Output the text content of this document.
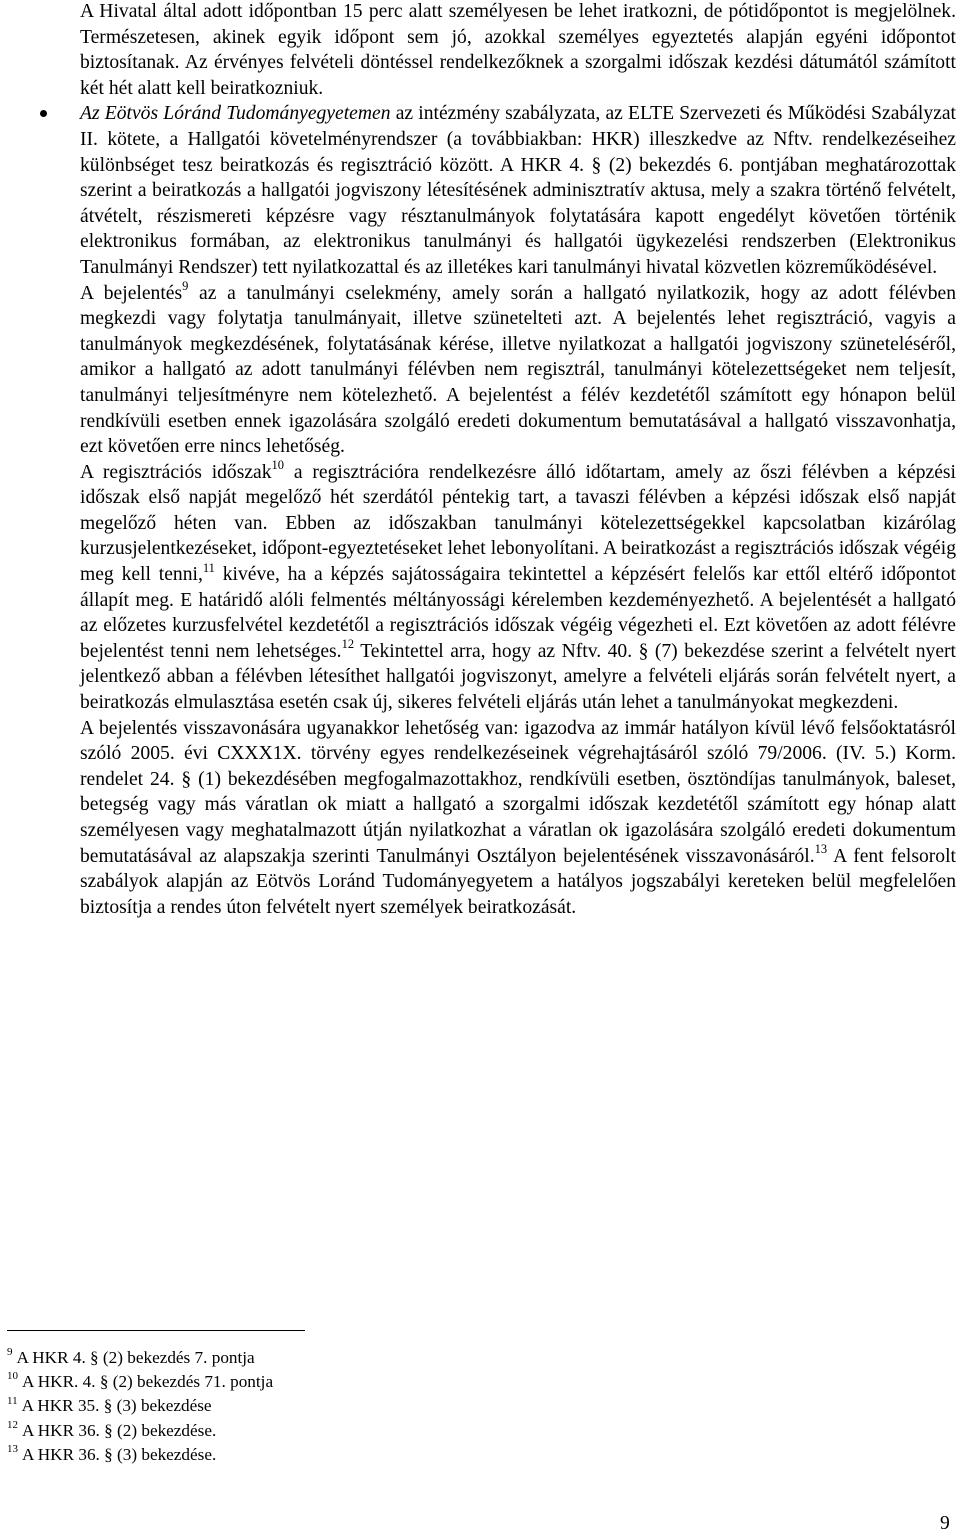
A Hivatal által adott időpontban 15 perc alatt személyesen be lehet iratkozni, de pótidőpontot is megjelölnek. Természetesen, akinek egyik időpont sem jó, azokkal személyes egyeztetés alapján egyéni időpontot biztosítanak. Az érvényes felvételi döntéssel rendelkezőknek a szorgalmi időszak kezdési dátumától számított két hét alatt kell beiratkozniuk.

Az Eötvös Lóránd Tudományegyetemen az intézmény szabályzata, az ELTE Szervezeti és Működési Szabályzat II. kötete, a Hallgatói követelményrendszer (a továbbiakban: HKR) illeszkedve az Nftv. rendelkezéseihez különbséget tesz beiratkozás és regisztráció között. A HKR 4. § (2) bekezdés 6. pontjában meghatározottak szerint a beiratkozás a hallgatói jogviszony létesítésének adminisztratív aktusa, mely a szakra történő felvételt, átvételt, részismereti képzésre vagy résztanulmányok folytatására kapott engedélyt követően történik elektronikus formában, az elektronikus tanulmányi és hallgatói ügykezelési rendszerben (Elektronikus Tanulmányi Rendszer) tett nyilatkozattal és az illetékes kari tanulmányi hivatal közvetlen közreműködésével.

A bejelentés$^9$ az a tanulmányi cselekmény, amely során a hallgató nyilatkozik, hogy az adott félévben megkezdi vagy folytatja tanulmányait, illetve szünetelteti azt. A bejelentés lehet regisztráció, vagyis a tanulmányok megkezdésének, folytatásának kérése, illetve nyilatkozat a hallgatói jogviszony szüneteléséről, amikor a hallgató az adott tanulmányi félévben nem regisztrál, tanulmányi kötelezettségeket nem teljesít, tanulmányi teljesítményre nem kötelezhető. A bejelentést a félév kezdetétől számított egy hónapon belül rendkívüli esetben ennek igazolására szolgáló eredeti dokumentum bemutatásával a hallgató visszavonhatja, ezt követően erre nincs lehetőség.

A regisztrációs időszak$^{10}$ a regisztrációra rendelkezésre álló időtartam, amely az őszi félévben a képzési időszak első napját megelőző hét szerdától péntekig tart, a tavaszi félévben a képzési időszak első napját megelőző héten van. Ebben az időszakban tanulmányi kötelezettségekkel kapcsolatban kizárólag kurzusjelentkezéseket, időpont-egyeztetéseket lehet lebonyolítani. A beiratkozást a regisztrációs időszak végéig meg kell tenni,$^{11}$ kivéve, ha a képzés sajátosságaira tekintettel a képzésért felelős kar ettől eltérő időpontot állapít meg. E határidő alóli felmentés méltányossági kérelemben kezdeményezhető. A bejelentését a hallgató az előzetes kurzusfelvétel kezdetétől a regisztrációs időszak végéig végezheti el. Ezt követően az adott félévre bejelentést tenni nem lehetséges.$^{12}$ Tekintettel arra, hogy az Nftv. 40. § (7) bekezdése szerint a felvételt nyert jelentkező abban a félévben létesíthet hallgatói jogviszonyt, amelyre a felvételi eljárás során felvételt nyert, a beiratkozás elmulasztása esetén csak új, sikeres felvételi eljárás után lehet a tanulmányokat megkezdeni.

A bejelentés visszavonására ugyanakkor lehetőség van: igazodva az immár hatályon kívül lévő felsőoktatásról szóló 2005. évi CXXX1X. törvény egyes rendelkezéseinek végrehajtásáról szóló 79/2006. (IV. 5.) Korm. rendelet 24. § (1) bekezdésében megfogalmazottakhoz, rendkívüli esetben, ösztöndíjas tanulmányok, baleset, betegség vagy más váratlan ok miatt a hallgató a szorgalmi időszak kezdetétől számított egy hónap alatt személyesen vagy meghatalmazott útján nyilatkozhat a váratlan ok igazolására szolgáló eredeti dokumentum bemutatásával az alapszakja szerinti Tanulmányi Osztályon bejelentésének visszavonásáról.$^{13}$ A fent felsorolt szabályok alapján az Eötvös Loránd Tudományegyetem a hatályos jogszabályi kereteken belül megfelelően biztosítja a rendes úton felvételt nyert személyek beiratkozását.

$^9$ A HKR 4. § (2) bekezdés 7. pontja
$^{10}$ A HKR. 4. § (2) bekezdés 71. pontja
$^{11}$ A HKR 35. § (3) bekezdése
$^{12}$ A HKR 36. § (2) bekezdése.
$^{13}$ A HKR 36. § (3) bekezdése.
9
